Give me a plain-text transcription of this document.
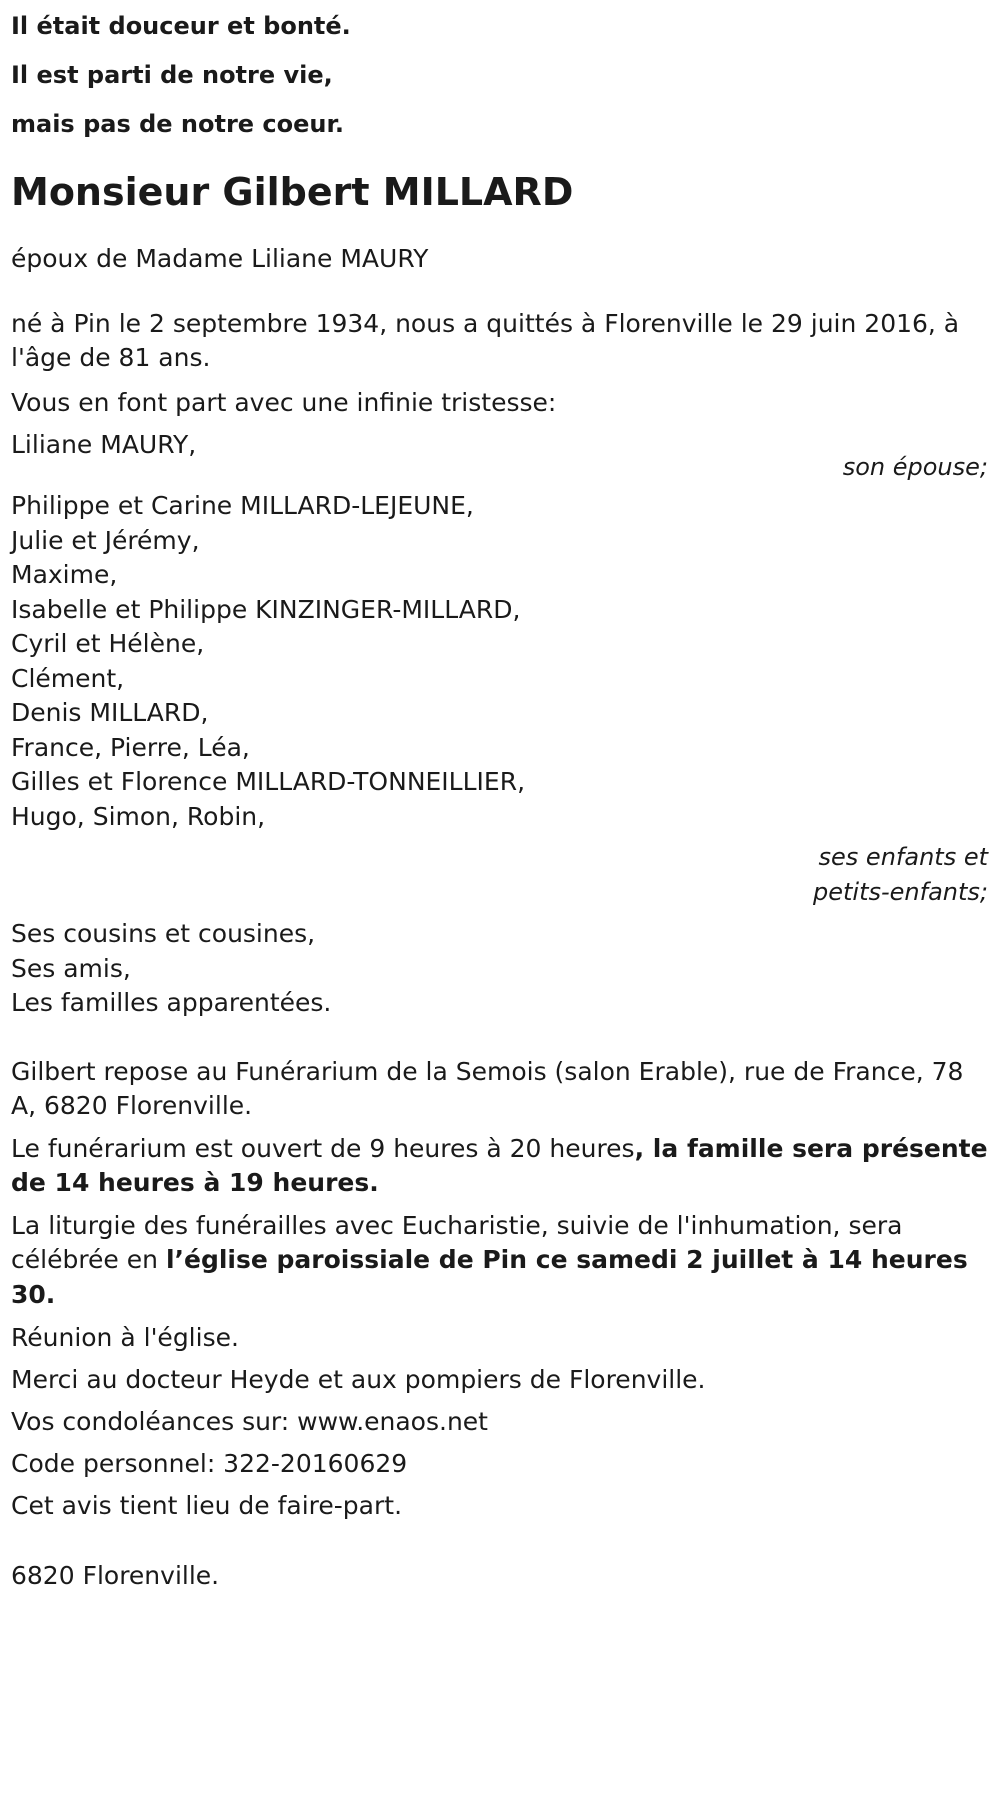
Il était douceur et bonté.
Il est parti de notre vie,
mais pas de notre coeur.
Monsieur Gilbert MILLARD
époux de Madame Liliane MAURY
né à Pin le 2 septembre 1934, nous a quittés à Florenville le 29 juin 2016, à l'âge de 81 ans.
Vous en font part avec une infinie tristesse:
Liliane MAURY,
son épouse;
Philippe et Carine MILLARD-LEJEUNE,
Julie et Jérémy,
Maxime,
Isabelle et Philippe KINZINGER-MILLARD,
Cyril et Hélène,
Clément,
Denis MILLARD,
France, Pierre, Léa,
Gilles et Florence MILLARD-TONNEILLIER,
Hugo, Simon, Robin,
ses enfants et
petits-enfants;
Ses cousins et cousines,
Ses amis,
Les familles apparentées.
Gilbert repose au Funérarium de la Semois (salon Erable), rue de France, 78 A, 6820 Florenville.
Le funérarium est ouvert de 9 heures à 20 heures, la famille sera présente de 14 heures à 19 heures.
La liturgie des funérailles avec Eucharistie, suivie de l'inhumation, sera célébrée en l’église paroissiale de Pin ce samedi 2 juillet à 14 heures 30.
Réunion à l'église.
Merci au docteur Heyde et aux pompiers de Florenville.
Vos condoléances sur: www.enaos.net
Code personnel: 322-20160629
Cet avis tient lieu de faire-part.
6820 Florenville.
